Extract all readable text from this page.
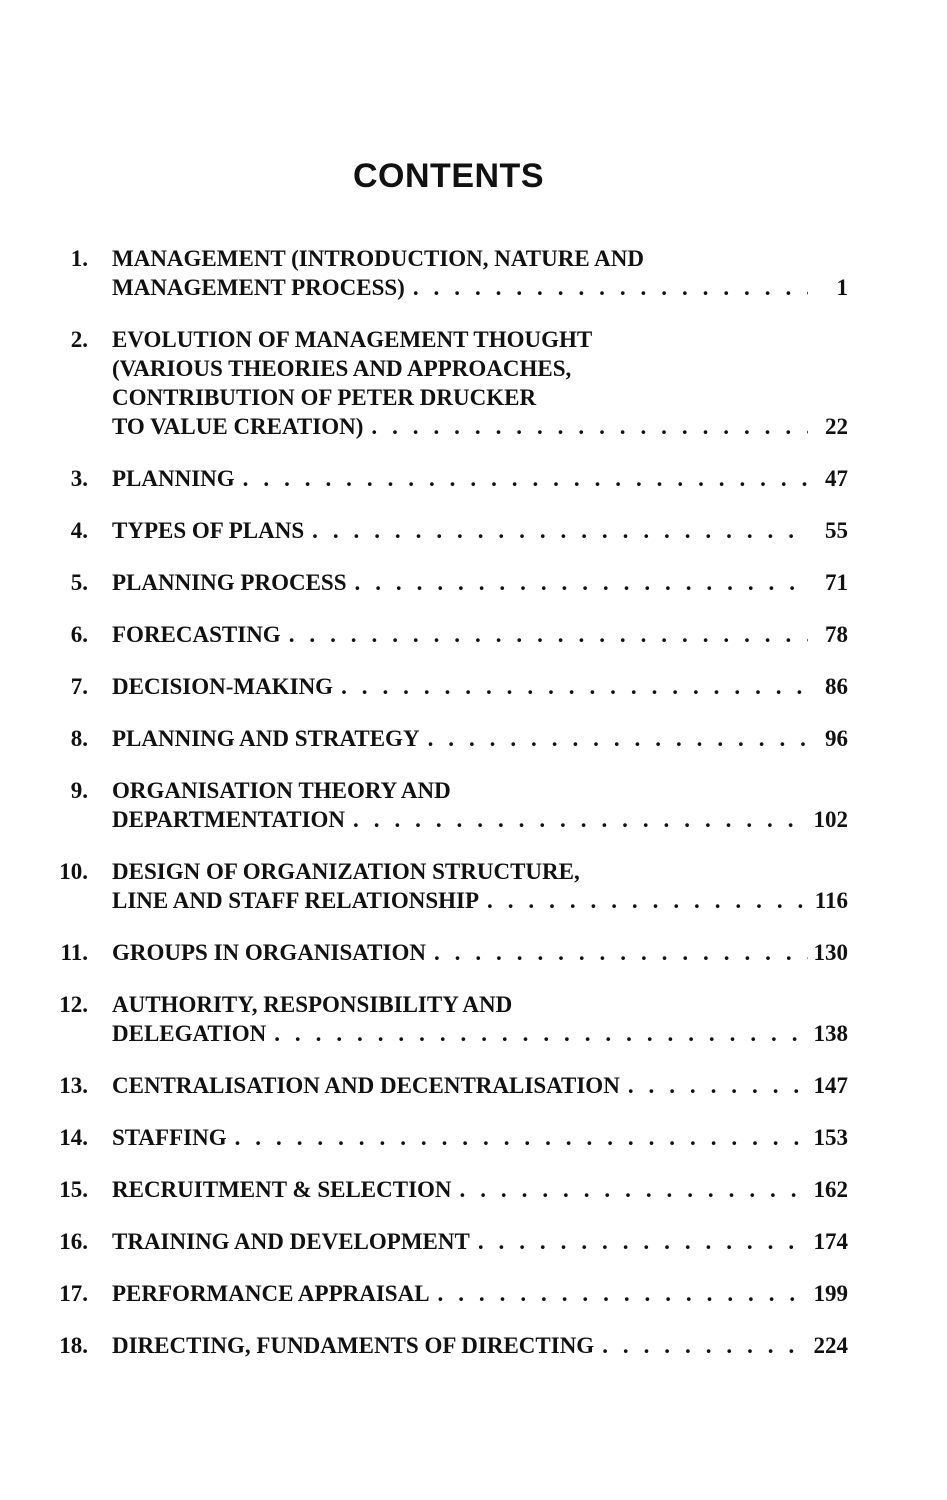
CONTENTS
1. MANAGEMENT (INTRODUCTION, NATURE AND
MANAGEMENT PROCESS) . . .	1
2. EVOLUTION OF MANAGEMENT THOUGHT
(VARIOUS THEORIES AND APPROACHES,
CONTRIBUTION OF PETER DRUCKER
TO VALUE CREATION) . . .	22
3. PLANNING . . .	47
4. TYPES OF PLANS . . .	55
5. PLANNING PROCESS . . .	71
6. FORECASTING . . .	78
7. DECISION-MAKING . . .	86
8. PLANNING AND STRATEGY . . .	96
9. ORGANISATION THEORY AND
DEPARTMENTATION . . .	102
10. DESIGN OF ORGANIZATION STRUCTURE,
LINE AND STAFF RELATIONSHIP . . .	116
11. GROUPS IN ORGANISATION . . .	130
12. AUTHORITY, RESPONSIBILITY AND
DELEGATION . . .	138
13. CENTRALISATION AND DECENTRALISATION . . .	147
14. STAFFING . . .	153
15. RECRUITMENT & SELECTION . . .	162
16. TRAINING AND DEVELOPMENT . . .	174
17. PERFORMANCE APPRAISAL . . .	199
18. DIRECTING, FUNDAMENTS OF DIRECTING . . .	224
